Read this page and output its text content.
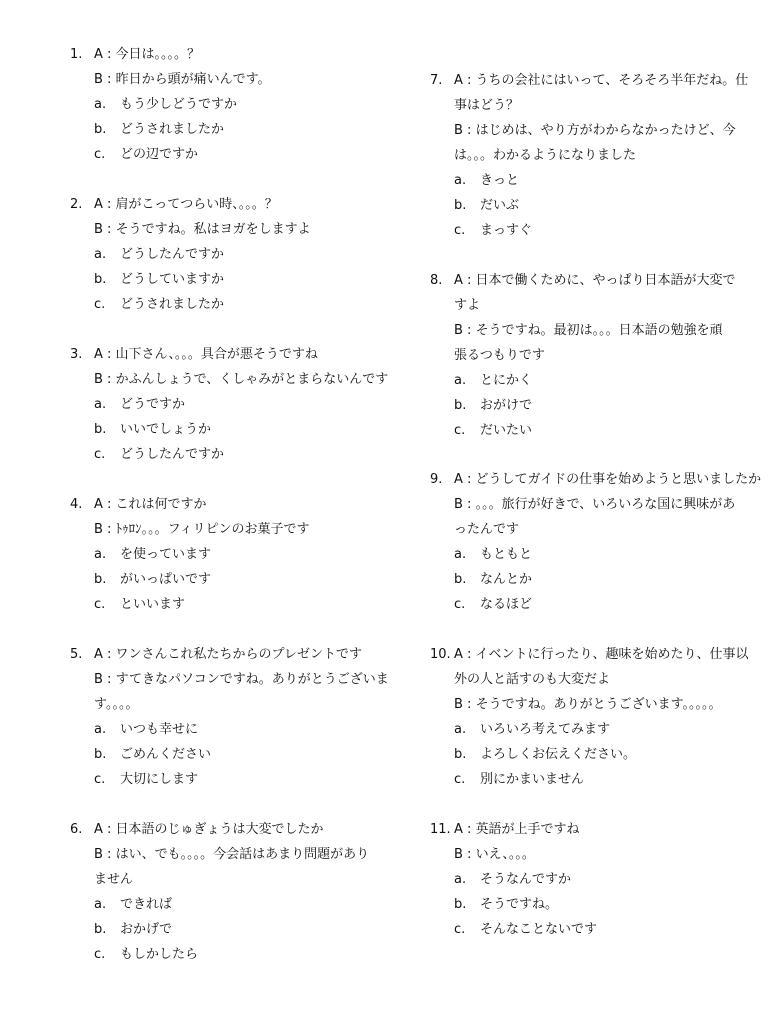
1. A : 今日は。。。。？
B : 昨日から頭が痛いんです。
a. もう少しどうですか
b. どうされましたか
c. どの辺ですか
2. A : 肩がこってつらい時、。。。？
B : そうですね。私はヨガをしますよ
a. どうしたんですか
b. どうしていますか
c. どうされましたか
3. A : 山下さん、。。。具合が悪そうですね
B : かふんしょうで、くしゃみがとまらないんです
a. どうですか
b. いいでしょうか
c. どうしたんですか
4. A : これは何ですか
B : ﾄｩﾛﾝ。。。フィリピンのお菓子です
a. を使っています
b. がいっぱいです
c. といいます
5. A : ワンさんこれ私たちからのプレゼントです
B : すてきなパソコンですね。ありがとうございま
す。。。。
a. いつも幸せに
b. ごめんください
c. 大切にします
6. A : 日本語のじゅぎょうは大変でしたか
B : はい、でも。。。。今会話はあまり問題があり
ません
a. できれば
b. おかげで
c. もしかしたら
7. A : うちの会社にはいって、そろそろ半年だね。仕
事はどう？
B : はじめは、やり方がわからなかったけど、今
は。。。わかるようになりました
a. きっと
b. だいぶ
c. まっすぐ
8. A : 日本で働くために、やっぱり日本語が大変で
すよ
B : そうですね。最初は。。。日本語の勉強を頑
張るつもりです
a. とにかく
b. おがけで
c. だいたい
9. A : どうしてガイドの仕事を始めようと思いましたか
B : 。。。旅行が好きで、いろいろな国に興味があ
ったんです
a. もともと
b. なんとか
c. なるほど
10. A : イベントに行ったり、趣味を始めたり、仕事以
外の人と話すのも大変だよ
B : そうですね。ありがとうございます。。。。。
a. いろいろ考えてみます
b. よろしくお伝えください。
c. 別にかまいません
11. A : 英語が上手ですね
B : いえ、。。。
a. そうなんですか
b. そうですね。
c. そんなことないです
